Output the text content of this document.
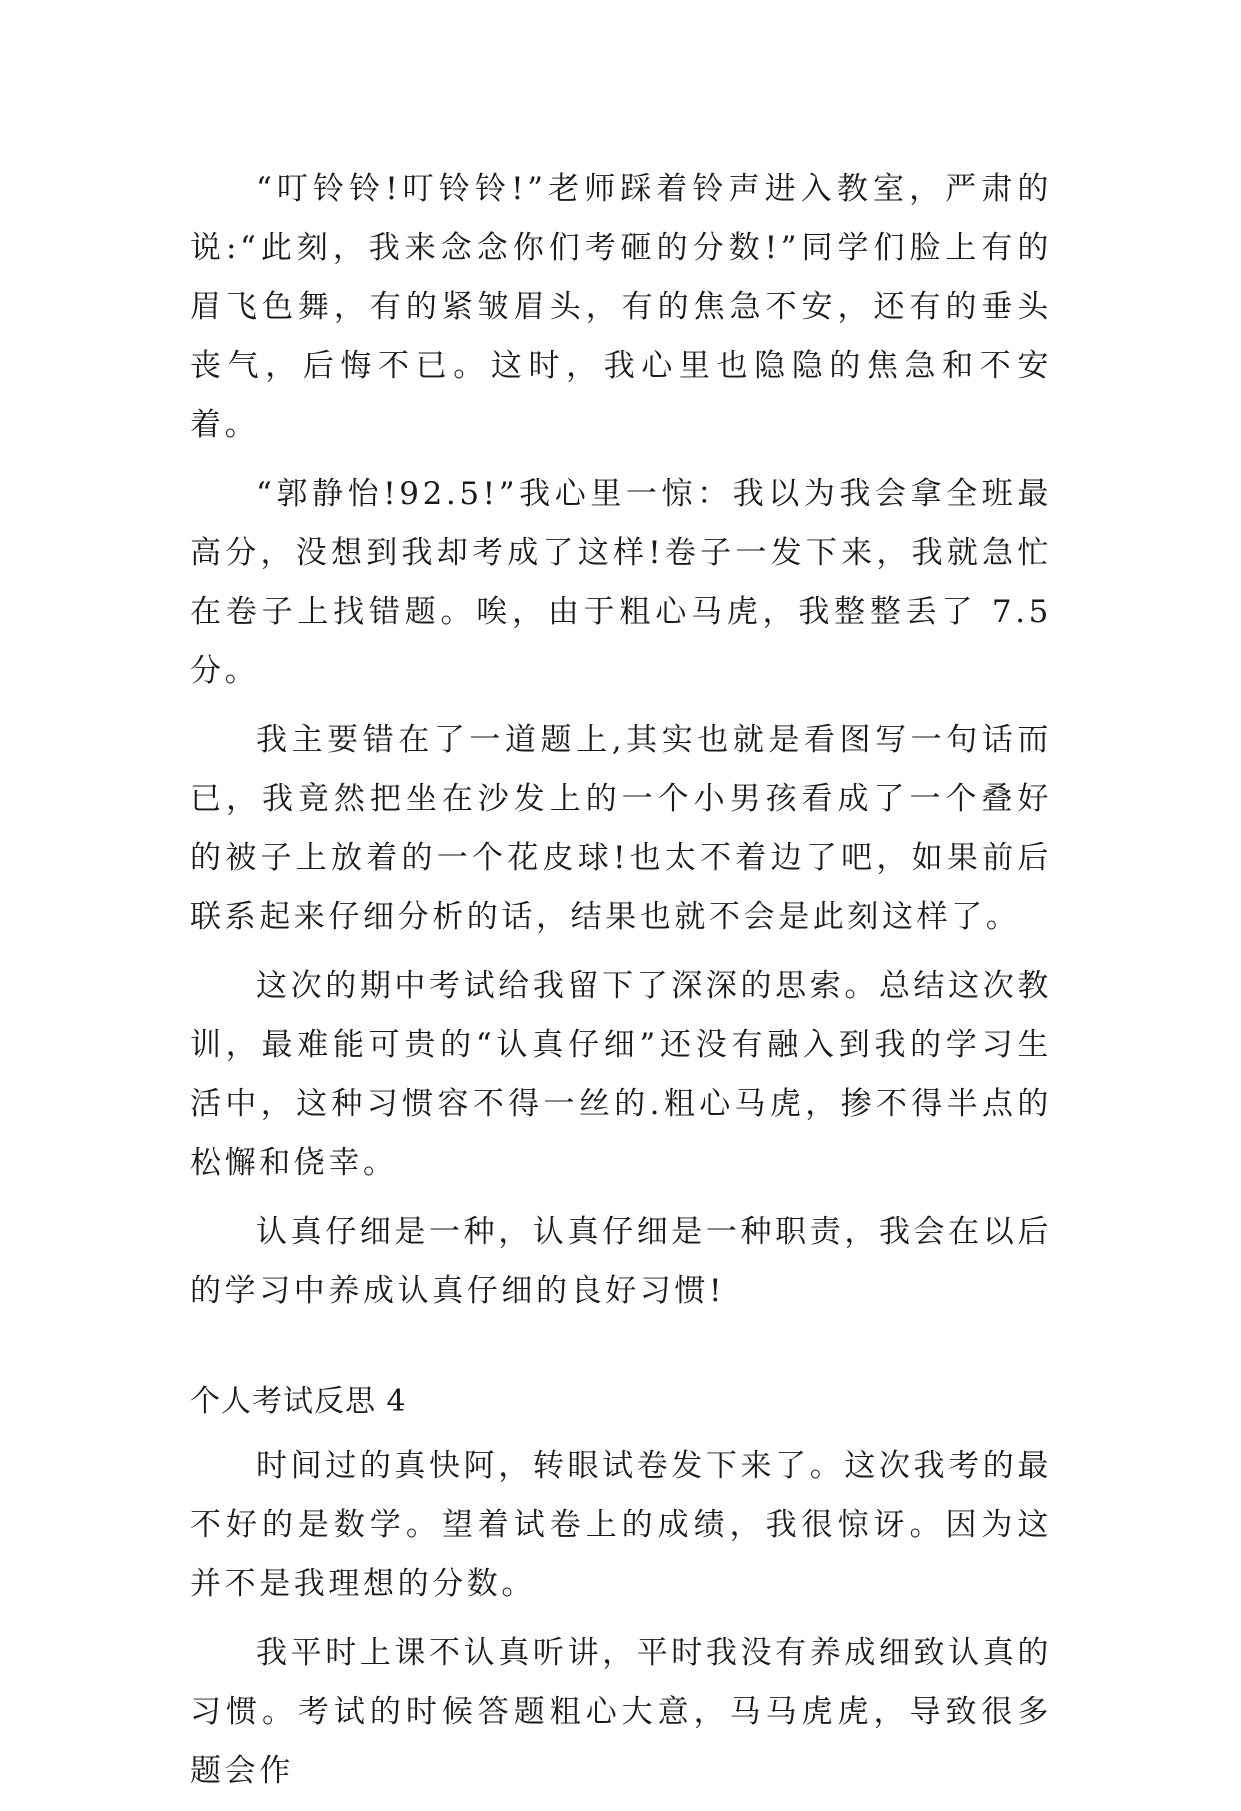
“叮铃铃!叮铃铃!”老师踩着铃声进入教室，严肃的说:“此刻，我来念念你们考砸的分数!”同学们脸上有的眉飞色舞，有的紧皱眉头，有的焦急不安，还有的垂头丧气，后悔不已。这时，我心里也隐隐的焦急和不安着。

“郭静怡!92.5!”我心里一惊：我以为我会拿全班最高分，没想到我却考成了这样!卷子一发下来，我就急忙在卷子上找错题。唉，由于粗心马虎，我整整丢了 7.5 分。

我主要错在了一道题上,其实也就是看图写一句话而已，我竟然把坐在沙发上的一个小男孩看成了一个叠好的被子上放着的一个花皮球!也太不着边了吧，如果前后联系起来仔细分析的话，结果也就不会是此刻这样了。

这次的期中考试给我留下了深深的思索。总结这次教训，最难能可贵的“认真仔细”还没有融入到我的学习生活中，这种习惯容不得一丝的.粗心马虎，掺不得半点的松懈和侥幸。

认真仔细是一种，认真仔细是一种职责，我会在以后的学习中养成认真仔细的良好习惯!

个人考试反思 4

时间过的真快阿，转眼试卷发下来了。这次我考的最不好的是数学。望着试卷上的成绩，我很惊讶。因为这并不是我理想的分数。

我平时上课不认真听讲，平时我没有养成细致认真的习惯。考试的时候答题粗心大意，马马虎虎，导致很多题会作
